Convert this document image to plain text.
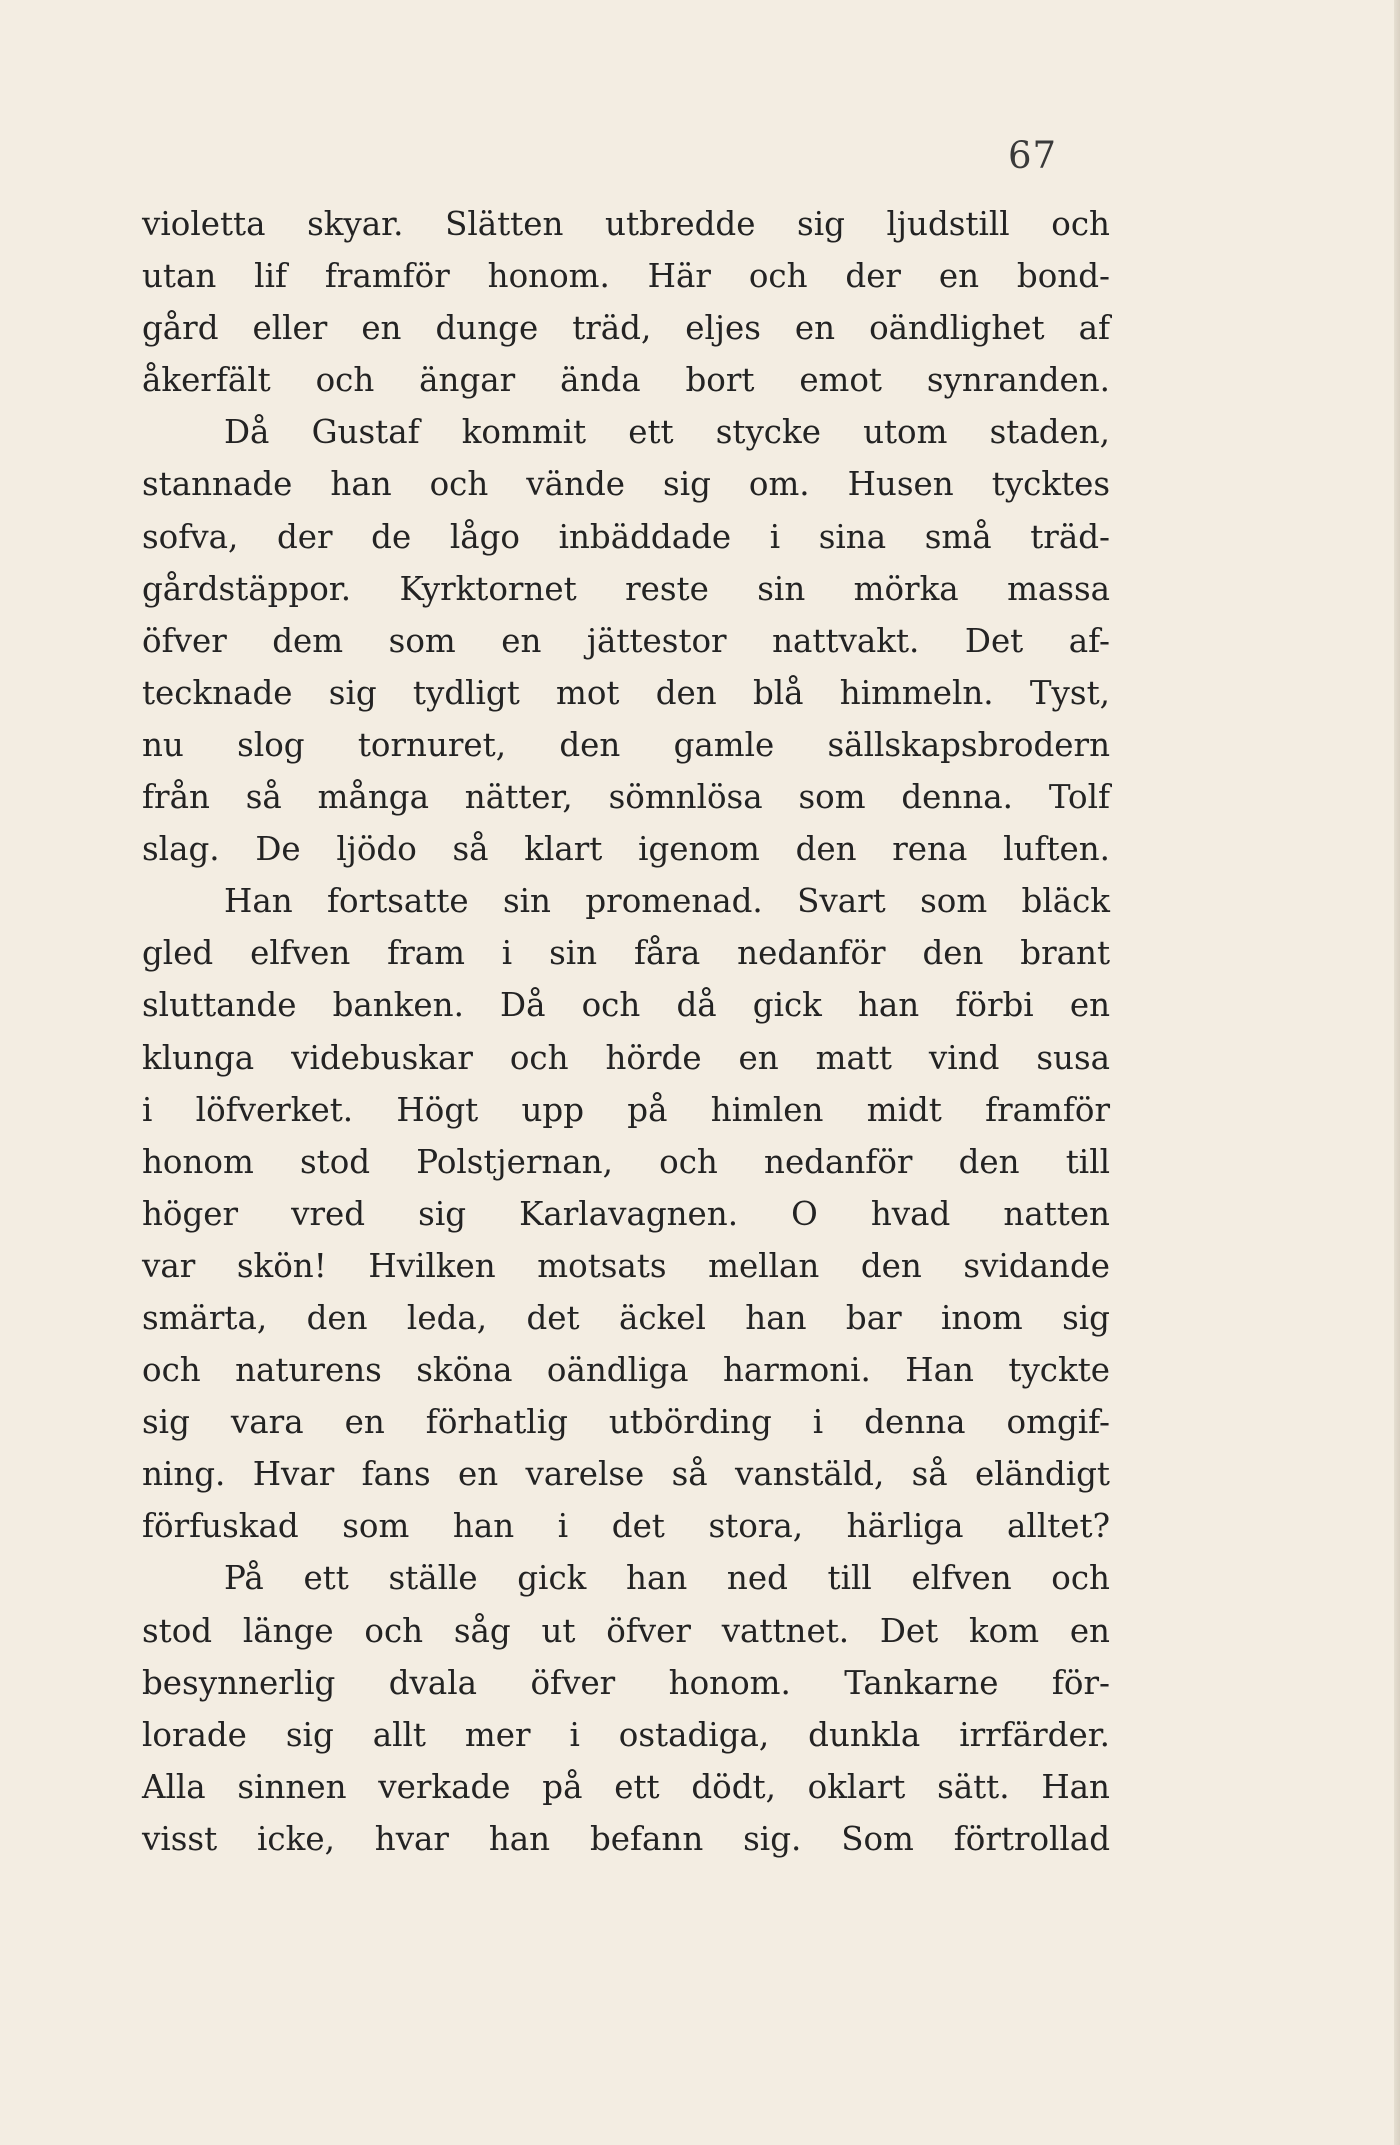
67
violetta skyar. Slätten utbredde sig ljudstill och
utan lif framför honom. Här och der en bond-
gård eller en dunge träd, eljes en oändlighet af
åkerfält och ängar ända bort emot synranden.
Då Gustaf kommit ett stycke utom staden,
stannade han och vände sig om. Husen tycktes
sofva, der de lågo inbäddade i sina små träd-
gårdstäppor. Kyrktornet reste sin mörka massa
öfver dem som en jättestor nattvakt. Det af-
tecknade sig tydligt mot den blå himmeln. Tyst,
nu slog tornuret, den gamle sällskapsbrodern
från så många nätter, sömnlösa som denna. Tolf
slag. De ljödo så klart igenom den rena luften.
Han fortsatte sin promenad. Svart som bläck
gled elfven fram i sin fåra nedanför den brant
sluttande banken. Då och då gick han förbi en
klunga videbuskar och hörde en matt vind susa
i löfverket. Högt upp på himlen midt framför
honom stod Polstjernan, och nedanför den till
höger vred sig Karlavagnen. O hvad natten
var skön! Hvilken motsats mellan den svidande
smärta, den leda, det äckel han bar inom sig
och naturens sköna oändliga harmoni. Han tyckte
sig vara en förhatlig utbörding i denna omgif-
ning. Hvar fans en varelse så vanstäld, så eländigt
förfuskad som han i det stora, härliga alltet?
På ett ställe gick han ned till elfven och
stod länge och såg ut öfver vattnet. Det kom en
besynnerlig dvala öfver honom. Tankarne för-
lorade sig allt mer i ostadiga, dunkla irrfärder.
Alla sinnen verkade på ett dödt, oklart sätt. Han
visst icke, hvar han befann sig. Som förtrollad
